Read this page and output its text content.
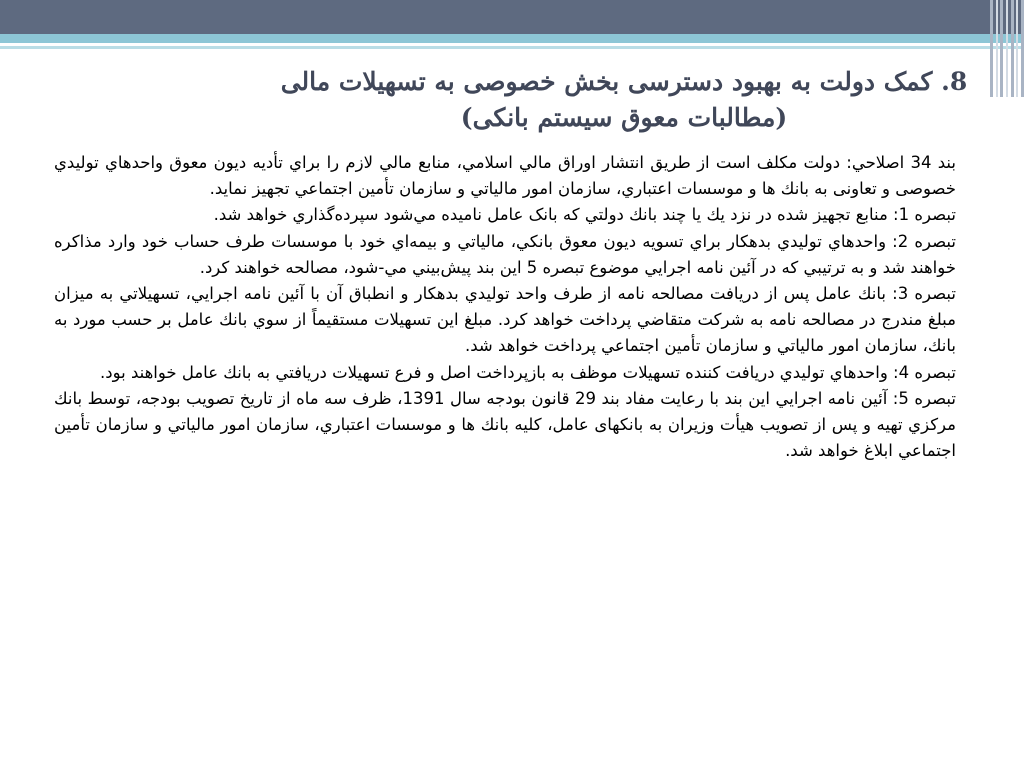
8. کمک دولت به بهبود دسترسی بخش خصوصی به تسهیلات مالی
(مطالبات معوق سیستم بانکی)

بند 34 اصلاحي: دولت مكلف است از طريق انتشار اوراق مالي اسلامي، منابع مالي لازم را براي تأديه ديون معوق واحدهاي توليدي خصوصی و تعاونی به بانك ها و موسسات اعتباري، سازمان امور مالياتي و سازمان تأمين اجتماعي تجهيز نمايد.

تبصره 1: منابع تجهيز شده در نزد يك يا چند بانك دولتي كه بانک عامل ناميده مي‌شود سپرده‌گذاري خواهد شد.

تبصره 2: واحدهاي توليدي بدهكار براي تسويه ديون معوق بانكي، مالياتي و بيمه‌اي خود با موسسات طرف حساب خود وارد مذاكره خواهند شد و به ترتيبي كه در آئين نامه اجرايي موضوع تبصره 5 اين بند پيش‌بيني مي-شود، مصالحه خواهند كرد.

تبصره 3: بانك عامل پس از دريافت مصالحه نامه از طرف واحد توليدي بدهكار و انطباق آن با آئين نامه اجرايي، تسهيلاتي به ميزان مبلغ مندرج در مصالحه نامه به شركت متقاضي پرداخت خواهد كرد. مبلغ اين تسهيلات مستقيماً از سوي بانك عامل بر حسب مورد به بانك، سازمان امور مالياتي و سازمان تأمين اجتماعي پرداخت خواهد شد.

تبصره 4: واحدهاي توليدي دريافت كننده تسهيلات موظف به بازپرداخت اصل و فرع تسهيلات دريافتي به بانك عامل خواهند بود.

تبصره 5: آئين نامه اجرايي اين بند با رعايت مفاد بند 29 قانون بودجه سال 1391، ظرف سه ماه از تاريخ تصويب بودجه، توسط بانك مركزي تهيه و پس از تصويب هيأت وزيران به بانکهای عامل، كليه بانك ها و موسسات اعتباري، سازمان امور مالياتي و سازمان تأمين اجتماعي ابلاغ خواهد شد.
